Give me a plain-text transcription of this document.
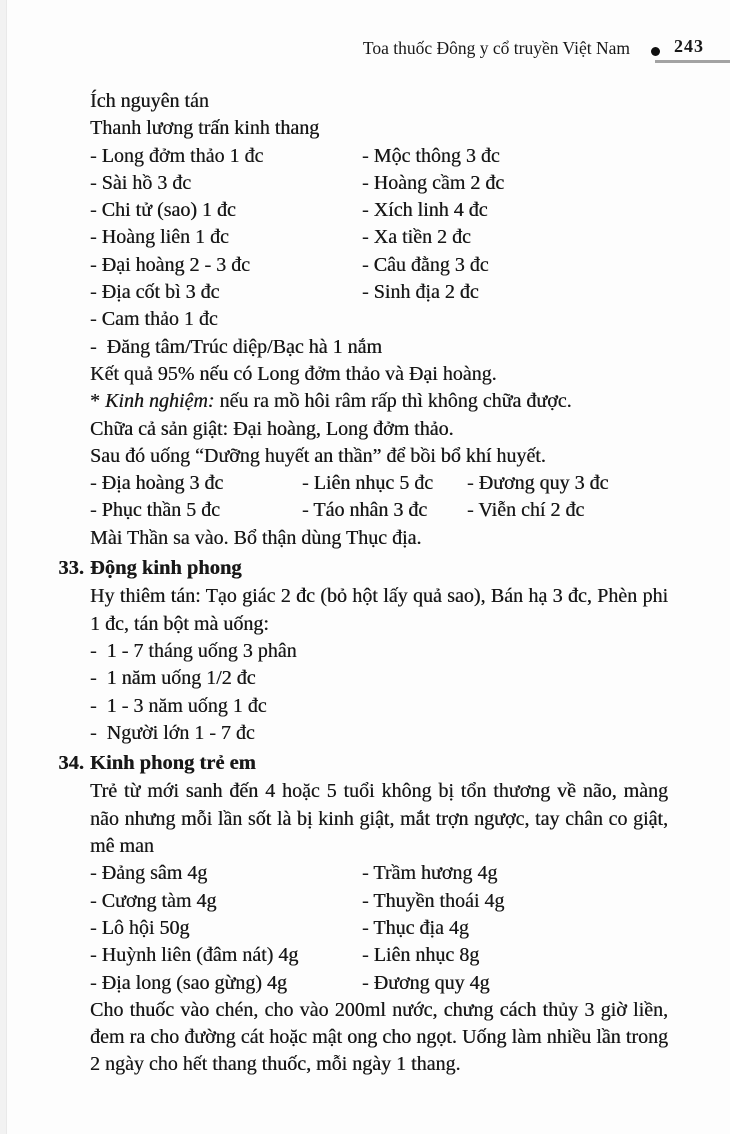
Toa thuốc Đông y cổ truyền Việt Nam 243
Ích nguyên tán
Thanh lương trấn kinh thang
- Long đởm thảo 1 đc	- Mộc thông 3 đc
- Sài hồ 3 đc	- Hoàng cầm 2 đc
- Chi tử (sao) 1 đc	- Xích linh 4 đc
- Hoàng liên 1 đc	- Xa tiền 2 đc
- Đại hoàng 2 - 3 đc	- Câu đằng 3 đc
- Địa cốt bì 3 đc	- Sinh địa 2 đc
- Cam thảo 1 đc
-  Đăng tâm/Trúc diệp/Bạc hà 1 nắm
Kết quả 95% nếu có Long đởm thảo và Đại hoàng.
* Kinh nghiệm: nếu ra mồ hôi râm rấp thì không chữa được.
Chữa cả sản giật: Đại hoàng, Long đởm thảo.
Sau đó uống “Dưỡng huyết an thần” để bồi bổ khí huyết.
- Địa hoàng 3 đc	- Liên nhục 5 đc	- Đương quy 3 đc
- Phục thần 5 đc	- Táo nhân 3 đc	- Viễn chí 2 đc
Mài Thần sa vào. Bổ thận dùng Thục địa.
33. Động kinh phong
Hy thiêm tán: Tạo giác 2 đc (bỏ hột lấy quả sao), Bán hạ 3 đc, Phèn phi 1 đc, tán bột mà uống:
-  1 - 7 tháng uống 3 phân
-  1 năm uống 1/2 đc
-  1 - 3 năm uống 1 đc
-  Người lớn 1 - 7 đc
34. Kinh phong trẻ em
Trẻ từ mới sanh đến 4 hoặc 5 tuổi không bị tổn thương về não, màng não nhưng mỗi lần sốt là bị kinh giật, mắt trợn ngược, tay chân co giật, mê man
- Đảng sâm 4g	- Trầm hương 4g
- Cương tàm 4g	- Thuyền thoái 4g
- Lô hội 50g	- Thục địa 4g
- Huỳnh liên (đâm nát) 4g	- Liên nhục 8g
- Địa long (sao gừng) 4g	- Đương quy 4g
Cho thuốc vào chén, cho vào 200ml nước, chưng cách thủy 3 giờ liền, đem ra cho đường cát hoặc mật ong cho ngọt. Uống làm nhiều lần trong 2 ngày cho hết thang thuốc, mỗi ngày 1 thang.
